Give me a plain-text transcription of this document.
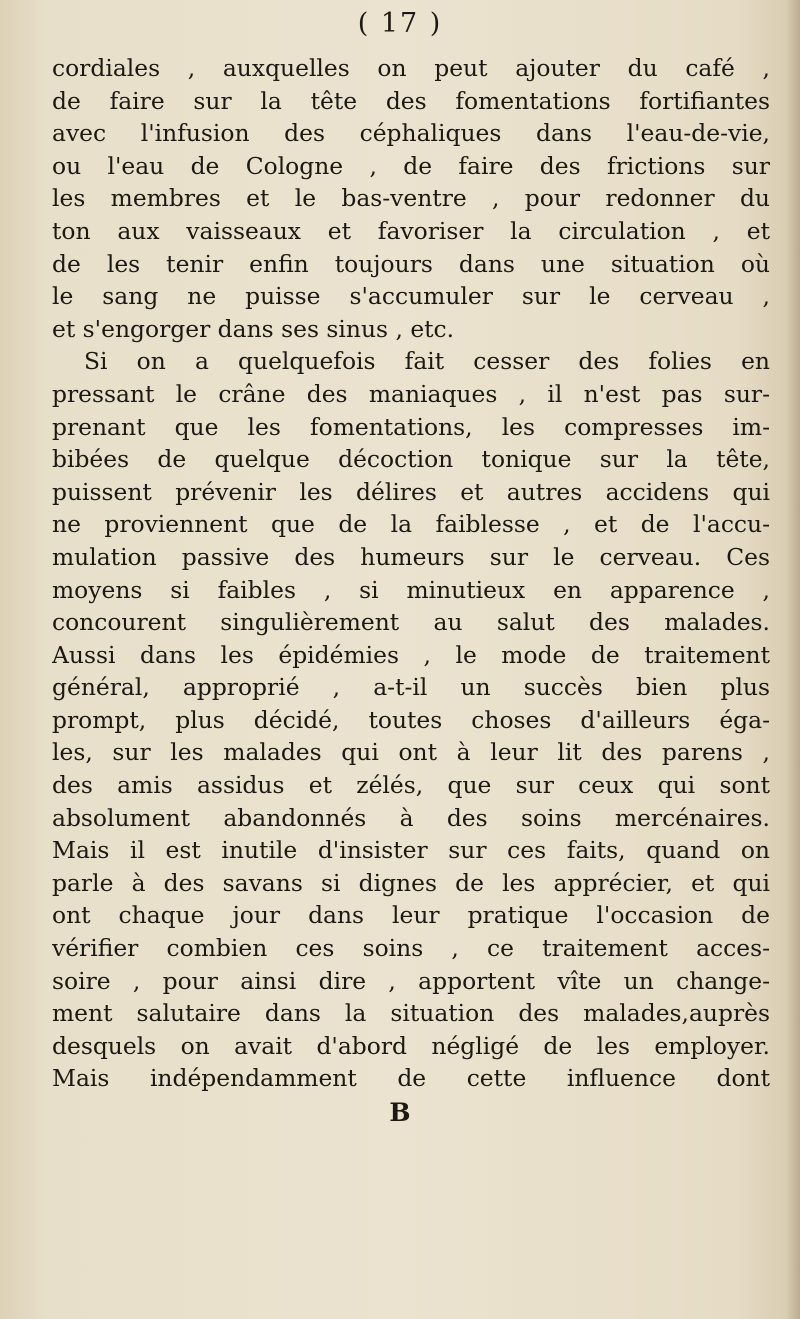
( 17 )
cordiales , auxquelles on peut ajouter du café ,
de faire sur la tête des fomentations fortifiantes
avec l'infusion des céphaliques dans l'eau-de-vie,
ou l'eau de Cologne , de faire des frictions sur
les membres et le bas-ventre , pour redonner du
ton aux vaisseaux et favoriser la circulation , et
de les tenir enfin toujours dans une situation où
le sang ne puisse s'accumuler sur le cerveau ,
et s'engorger dans ses sinus , etc.
Si on a quelquefois fait cesser des folies en
pressant le crâne des maniaques , il n'est pas sur-
prenant que les fomentations, les compresses im-
bibées de quelque décoction tonique sur la tête,
puissent prévenir les délires et autres accidens qui
ne proviennent que de la faiblesse , et de l'accu-
mulation passive des humeurs sur le cerveau. Ces
moyens si faibles , si minutieux en apparence ,
concourent singulièrement au salut des malades.
Aussi dans les épidémies , le mode de traitement
général, approprié , a-t-il un succès bien plus
prompt, plus décidé, toutes choses d'ailleurs éga-
les, sur les malades qui ont à leur lit des parens ,
des amis assidus et zélés, que sur ceux qui sont
absolument abandonnés à des soins mercénaires.
Mais il est inutile d'insister sur ces faits, quand on
parle à des savans si dignes de les apprécier, et qui
ont chaque jour dans leur pratique l'occasion de
vérifier combien ces soins , ce traitement acces-
soire , pour ainsi dire , apportent vîte un change-
ment salutaire dans la situation des malades,auprès
desquels on avait d'abord négligé de les employer.
Mais indépendamment de cette influence dont
B
